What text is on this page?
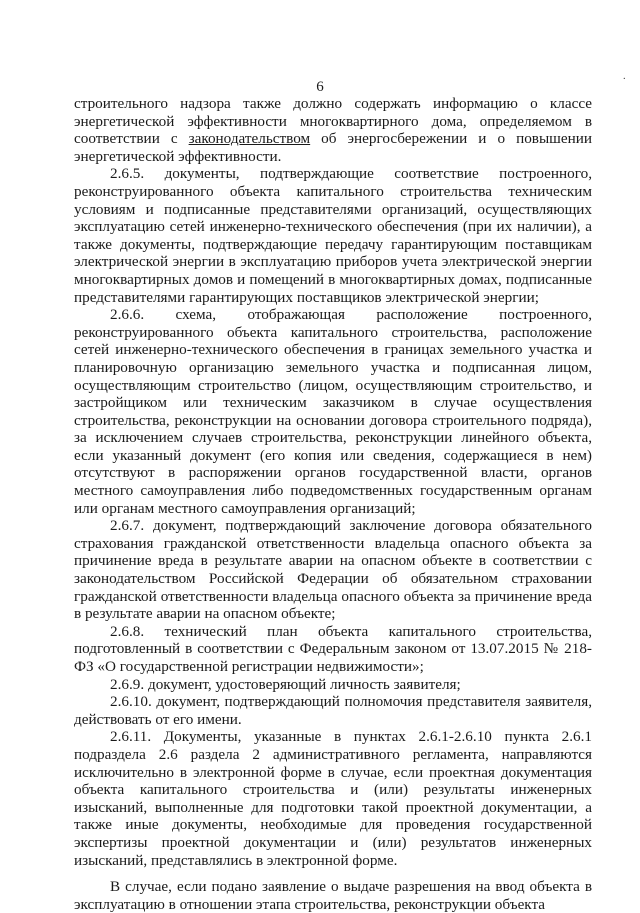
6	·

строительного надзора также должно содержать информацию о классе энергетической эффективности многоквартирного дома, определяемом в соответствии с законодательством об энергосбережении и о повышении энергетической эффективности.

2.6.5. документы, подтверждающие соответствие построенного, реконструированного объекта капитального строительства техническим условиям и подписанные представителями организаций, осуществляющих эксплуатацию сетей инженерно-технического обеспечения (при их наличии), а также документы, подтверждающие передачу гарантирующим поставщикам электрической энергии в эксплуатацию приборов учета электрической энергии многоквартирных домов и помещений в многоквартирных домах, подписанные представителями гарантирующих поставщиков электрической энергии;

2.6.6. схема, отображающая расположение построенного, реконструированного объекта капитального строительства, расположение сетей инженерно-технического обеспечения в границах земельного участка и планировочную организацию земельного участка и подписанная лицом, осуществляющим строительство (лицом, осуществляющим строительство, и застройщиком или техническим заказчиком в случае осуществления строительства, реконструкции на основании договора строительного подряда), за исключением случаев строительства, реконструкции линейного объекта, если указанный документ (его копия или сведения, содержащиеся в нем) отсутствуют в распоряжении органов государственной власти, органов местного самоуправления либо подведомственных государственным органам или органам местного самоуправления организаций;

2.6.7. документ, подтверждающий заключение договора обязательного страхования гражданской ответственности владельца опасного объекта за причинение вреда в результате аварии на опасном объекте в соответствии с законодательством Российской Федерации об обязательном страховании гражданской ответственности владельца опасного объекта за причинение вреда в результате аварии на опасном объекте;

2.6.8. технический план объекта капитального строительства, подготовленный в соответствии с Федеральным законом от 13.07.2015 № 218-ФЗ «О государственной регистрации недвижимости»;

2.6.9. документ, удостоверяющий личность заявителя;

2.6.10. документ, подтверждающий полномочия представителя заявителя, действовать от его имени.

2.6.11. Документы, указанные в пунктах 2.6.1-2.6.10 пункта 2.6.1 подраздела 2.6 раздела 2 административного регламента, направляются исключительно в электронной форме в случае, если проектная документация объекта капитального строительства и (или) результаты инженерных изысканий, выполненные для подготовки такой проектной документации, а также иные документы, необходимые для проведения государственной экспертизы проектной документации и (или) результатов инженерных изысканий, представлялись в электронной форме.

В случае, если подано заявление о выдаче разрешения на ввод объекта в эксплуатацию в отношении этапа строительства, реконструкции объекта
